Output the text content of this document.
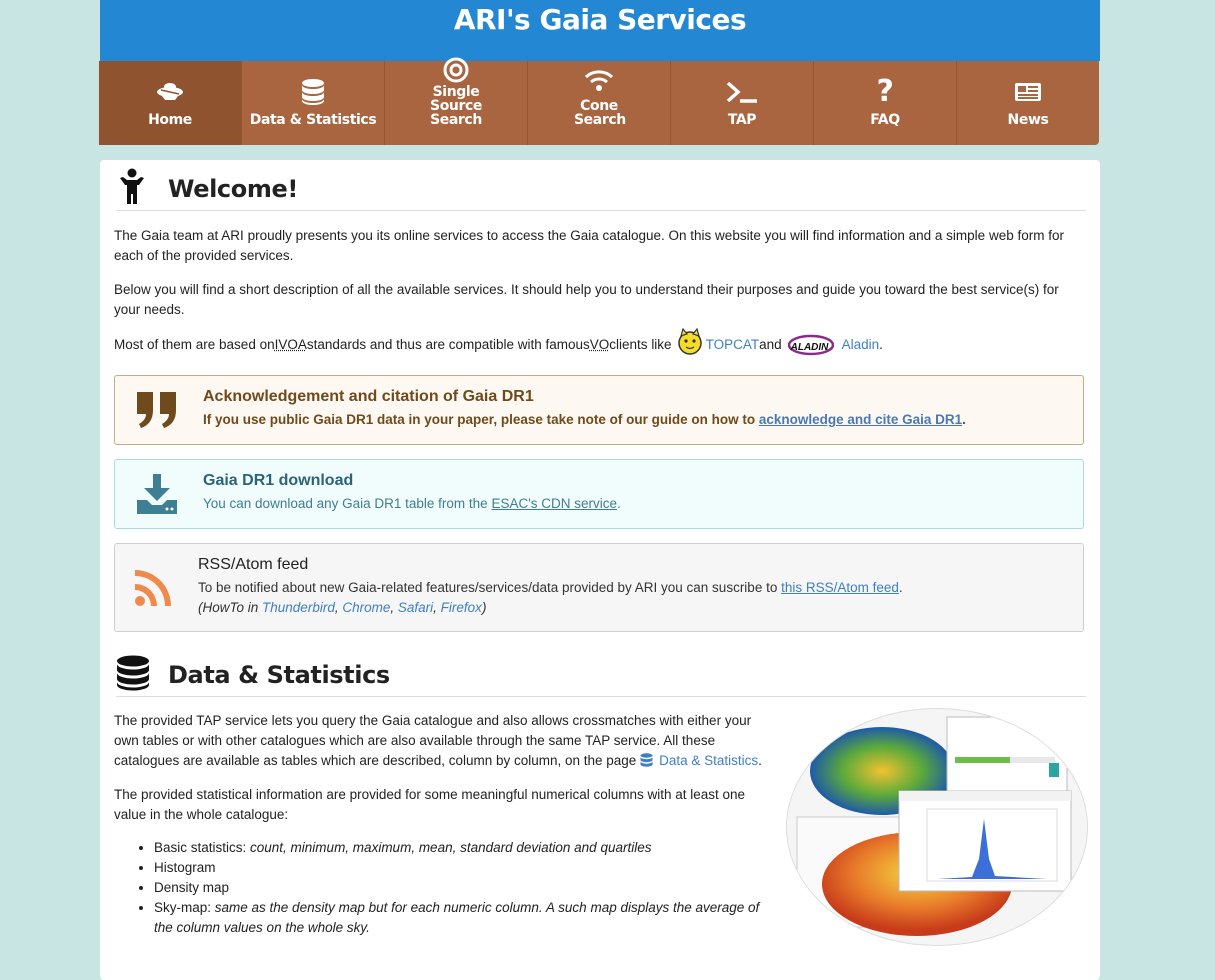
ARI's Gaia Services
Home	Data & Statistics
Single Source Search
Cone Search	TAP
?
FAQ	News
Welcome!

The Gaia team at ARI proudly presents you its online services to access the Gaia catalogue. On this website you will find information and a simple web form for each of the provided services.

Below you will find a short description of all the available services. It should help you to understand their purposes and guide you toward the best service(s) for your needs.

Most of them are based on IVOA standards and thus are compatible with famous VO clients like	TOPCAT and ALADIN Aladin .

Acknowledgement and citation of Gaia DR1
If you use public Gaia DR1 data in your paper, please take note of our guide on how to acknowledge and cite Gaia DR1.
Gaia DR1 download
You can download any Gaia DR1 table from the ESAC's CDN service.
RSS/Atom feed
To be notified about new Gaia-related features/services/data provided by ARI you can suscribe to this RSS/Atom feed.
(HowTo in Thunderbird, Chrome, Safari, Firefox)
Data & Statistics

The provided TAP service lets you query the Gaia catalogue and also allows crossmatches with either your own tables or with other catalogues which are also available through the same TAP service. All these catalogues are available as tables which are described, column by column, on the page Data & Statistics.

The provided statistical information are provided for some meaningful numerical columns with at least one value in the whole catalogue:

• Basic statistics: count, minimum, maximum, mean, standard deviation and quartiles
• Histogram
• Density map
• Sky-map: same as the density map but for each numeric column. A such map displays the average of the column values on the whole sky.
